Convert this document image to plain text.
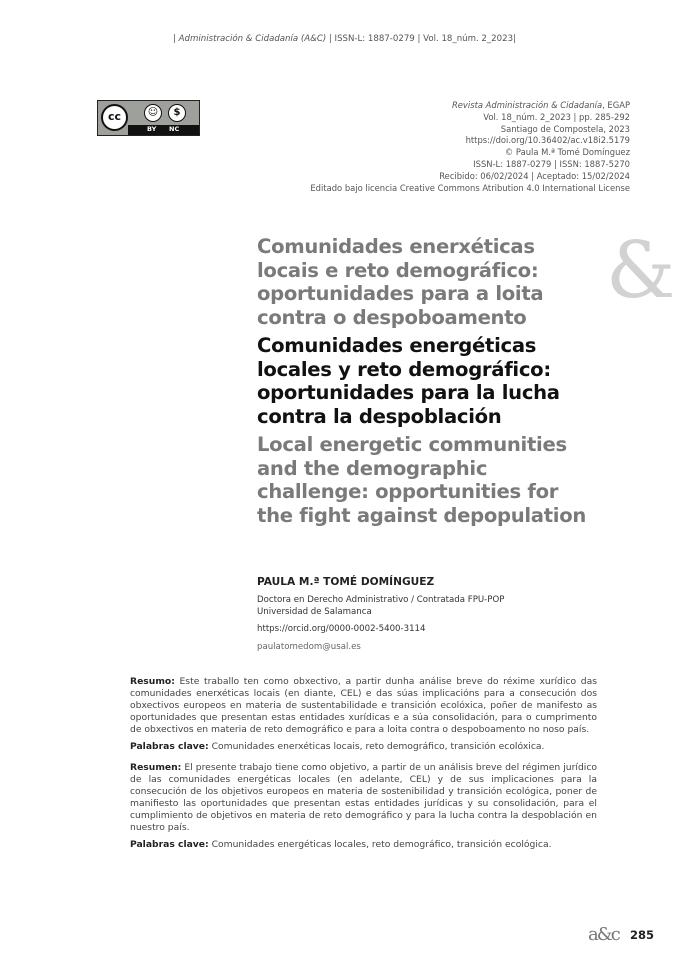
| Administración & Cidadanía (A&C) | ISSN-L: 1887-0279 | Vol. 18_núm. 2_2023|
cc	☺	$
BY NC
Revista Administración & Cidadanía, EGAP
Vol. 18_núm. 2_2023 | pp. 285-292
Santiago de Compostela, 2023
https://doi.org/10.36402/ac.v18i2.5179
© Paula M.ª Tomé Domínguez
ISSN-L: 1887-0279 | ISSN: 1887-5270
Recibido: 06/02/2024 | Aceptado: 15/02/2024
Editado bajo licencia Creative Commons Atribution 4.0 International License
&
Comunidades enerxéticas locais e reto demográfico: oportunidades para a loita contra o despoboamento
Comunidades energéticas locales y reto demográfico: oportunidades para la lucha contra la despoblación
Local energetic communities and the demographic challenge: opportunities for the fight against depopulation
PAULA M.ª TOMÉ DOMÍNGUEZ
Doctora en Derecho Administrativo / Contratada FPU-POP
Universidad de Salamanca
https://orcid.org/0000-0002-5400-3114
paulatomedom@usal.es

Resumo: Este traballo ten como obxectivo, a partir dunha análise breve do réxime xurídico das comunidades enerxéticas locais (en diante, CEL) e das súas implicacións para a consecución dos obxectivos europeos en materia de sustentabilidade e transición ecolóxica, poñer de manifesto as oportunidades que presentan estas entidades xurídicas e a súa consolidación, para o cumprimento de obxectivos en materia de reto demográfico e para a loita contra o despoboamento no noso país.

Palabras clave: Comunidades enerxéticas locais, reto demográfico, transición ecolóxica.

Resumen: El presente trabajo tiene como objetivo, a partir de un análisis breve del régimen jurídico de las comunidades energéticas locales (en adelante, CEL) y de sus implicaciones para la consecución de los objetivos europeos en materia de sostenibilidad y transición ecológica, poner de manifiesto las oportunidades que presentan estas entidades jurídicas y su consolidación, para el cumplimiento de objetivos en materia de reto demográfico y para la lucha contra la despoblación en nuestro país.

Palabras clave: Comunidades energéticas locales, reto demográfico, transición ecológica.

a&c 285
